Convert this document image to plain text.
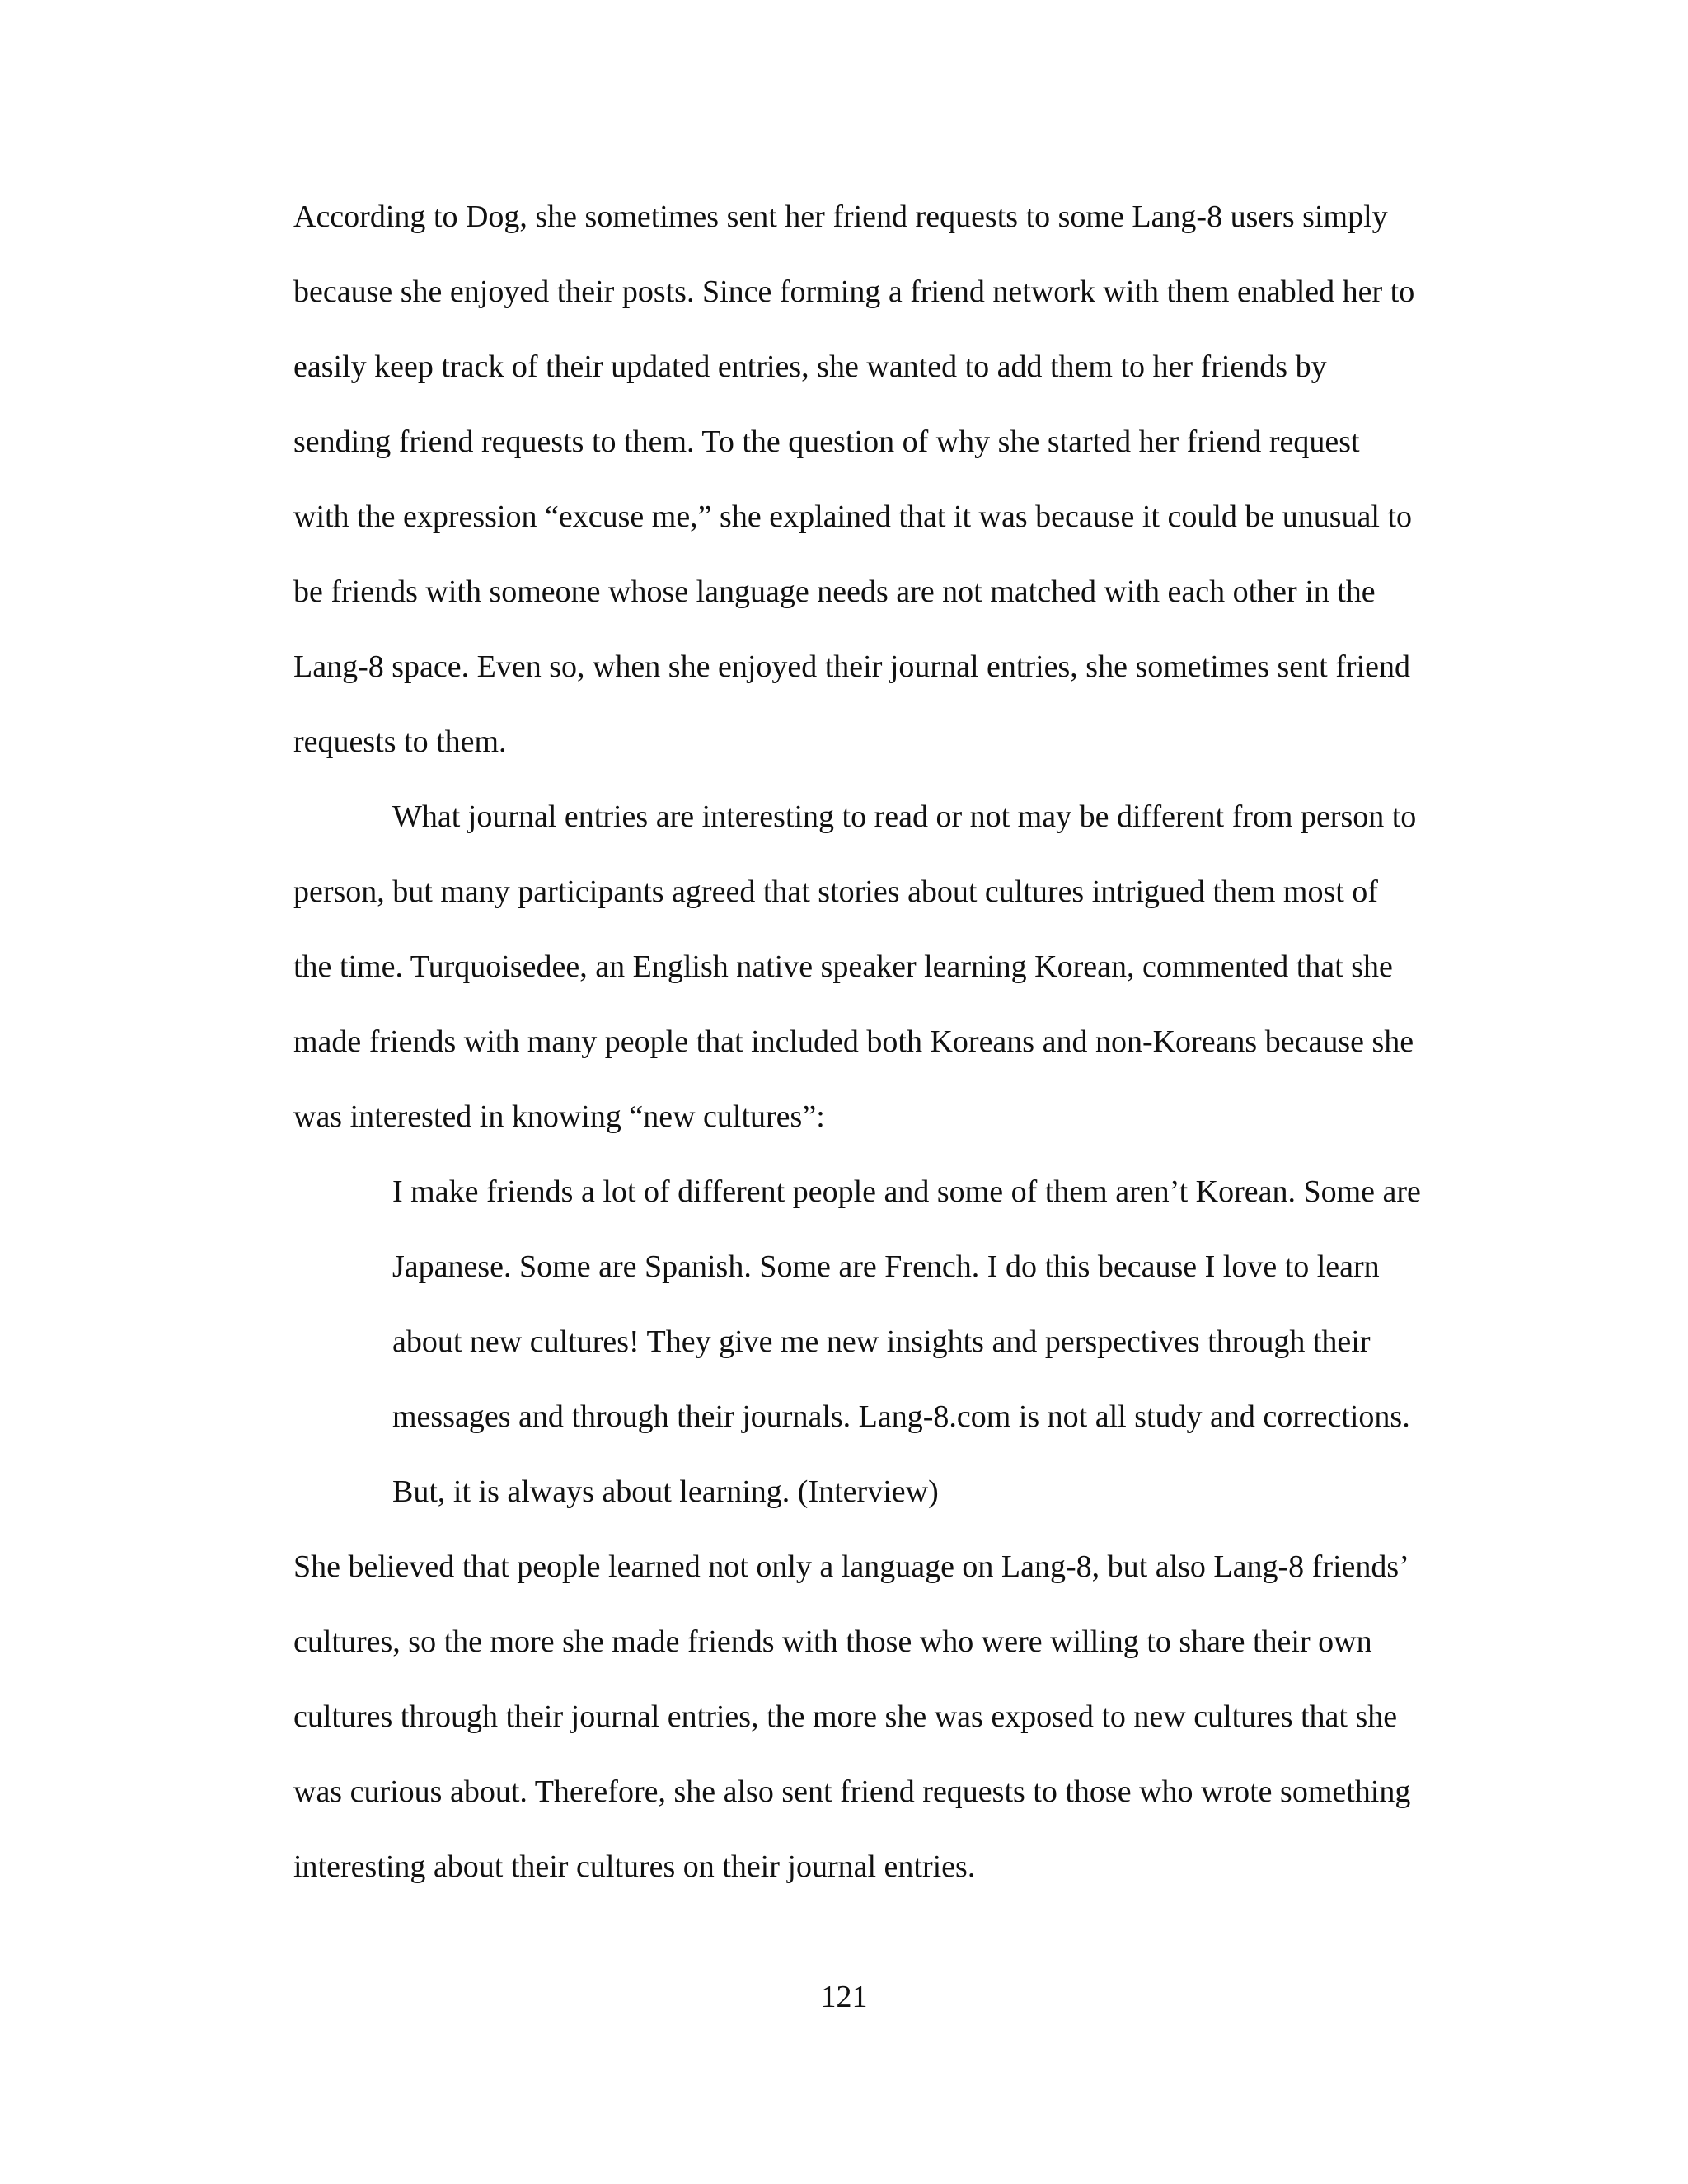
According to Dog, she sometimes sent her friend requests to some Lang-8 users simply

because she enjoyed their posts. Since forming a friend network with them enabled her to

easily keep track of their updated entries, she wanted to add them to her friends by

sending friend requests to them. To the question of why she started her friend request

with the expression “excuse me,” she explained that it was because it could be unusual to

be friends with someone whose language needs are not matched with each other in the

Lang-8 space. Even so, when she enjoyed their journal entries, she sometimes sent friend

requests to them.

What journal entries are interesting to read or not may be different from person to

person, but many participants agreed that stories about cultures intrigued them most of

the time. Turquoisedee, an English native speaker learning Korean, commented that she

made friends with many people that included both Koreans and non-Koreans because she

was interested in knowing “new cultures”:

I make friends a lot of different people and some of them aren’t Korean. Some are

Japanese. Some are Spanish. Some are French. I do this because I love to learn

about new cultures! They give me new insights and perspectives through their

messages and through their journals. Lang-8.com is not all study and corrections.

But, it is always about learning. (Interview)

She believed that people learned not only a language on Lang-8, but also Lang-8 friends’

cultures, so the more she made friends with those who were willing to share their own

cultures through their journal entries, the more she was exposed to new cultures that she

was curious about. Therefore, she also sent friend requests to those who wrote something

interesting about their cultures on their journal entries.

121
